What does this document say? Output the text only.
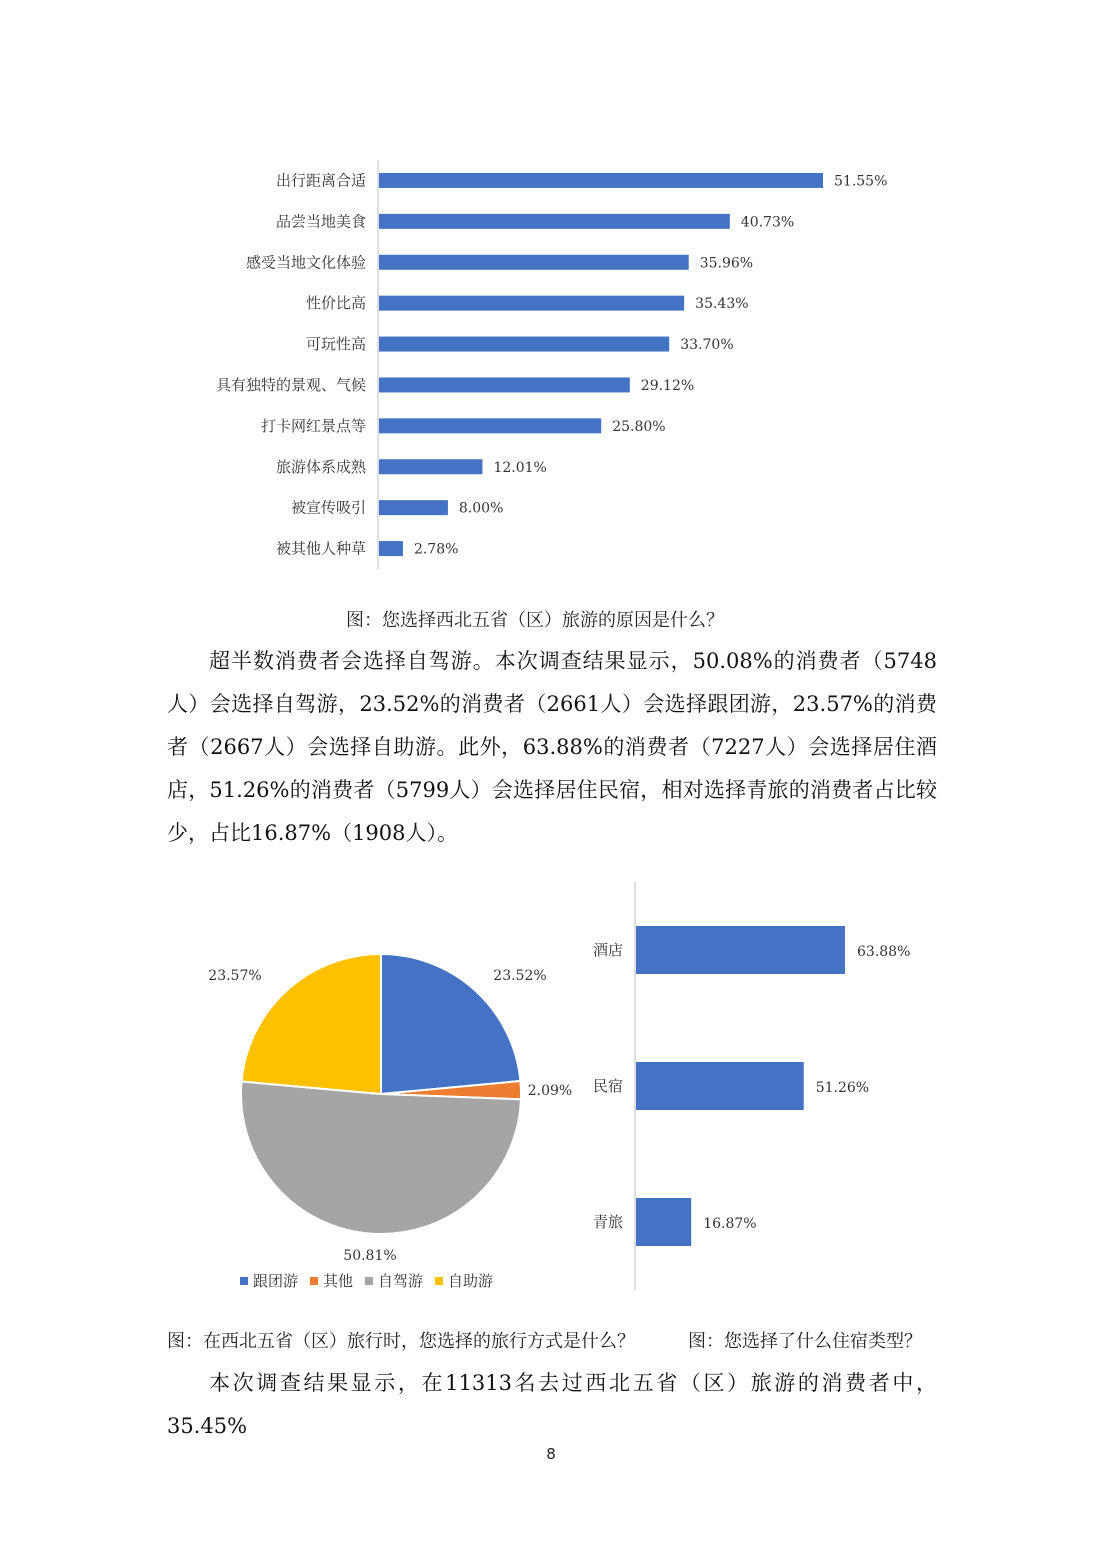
出行距离合适	51.55%
品尝当地美食	40.73%
感受当地文化体验	35.96%
性价比高	35.43%
可玩性高	33.70%
具有独特的景观、气候	29.12%
打卡网红景点等	25.80%
旅游体系成熟	12.01%
被宣传吸引	8.00%
被其他人种草	2.78%
图：您选择西北五省（区）旅游的原因是什么？
超半数消费者会选择自驾游。本次调查结果显示，50.08%的消费者（5748人）会选择自驾游，23.52%的消费者（2661人）会选择跟团游，23.57%的消费者（2667人）会选择自助游。此外，63.88%的消费者（7227人）会选择居住酒店，51.26%的消费者（5799人）会选择居住民宿，相对选择青旅的消费者占比较少，占比16.87%（1908人）。
23.52%
2.09%
50.81%
23.57%
跟团游 其他 自驾游 自助游
酒店	63.88%
民宿	51.26%
青旅	16.87%
图：在西北五省（区）旅行时，您选择的旅行方式是什么？	图：您选择了什么住宿类型？
本次调查结果显示，在11313名去过西北五省（区）旅游的消费者中，35.45%
8
